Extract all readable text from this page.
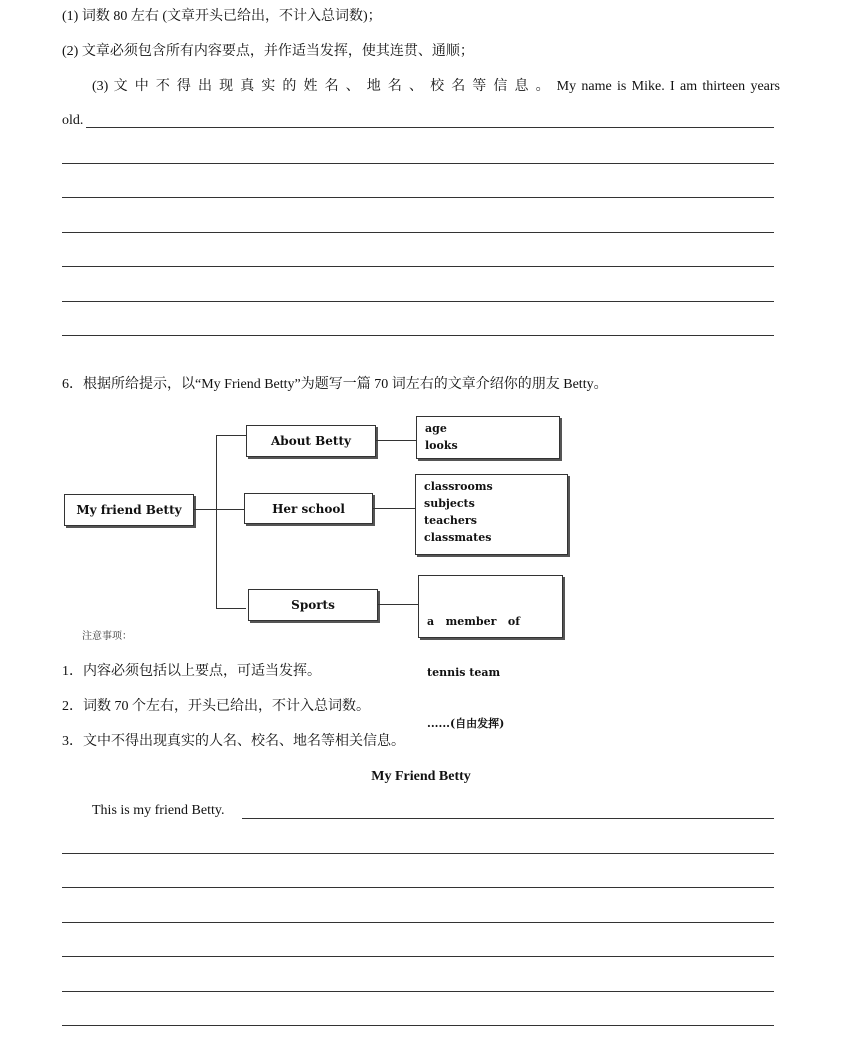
(1) 词数 80 左右 (文章开头已给出，不计入总词数)；
(2) 文章必须包含所有内容要点，并作适当发挥，使其连贯、通顺；
(3) 文 中 不 得 出 现 真 实 的 姓 名 、 地 名 、 校 名 等 信 息 。 My name is Mike. I am thirteen years
old.
6．根据所给提示，以“My Friend Betty”为题写一篇 70 词左右的文章介绍你的朋友 Betty。
My friend Betty
About Betty
Her school
Sports
age
looks
classrooms
subjects
teachers
classmates

a   member   of

tennis team

......(自由发挥)

注意事项：
1．内容必须包括以上要点，可适当发挥。
2．词数 70 个左右，开头已给出，不计入总词数。
3．文中不得出现真实的人名、校名、地名等相关信息。
My Friend Betty
This is my friend Betty.
